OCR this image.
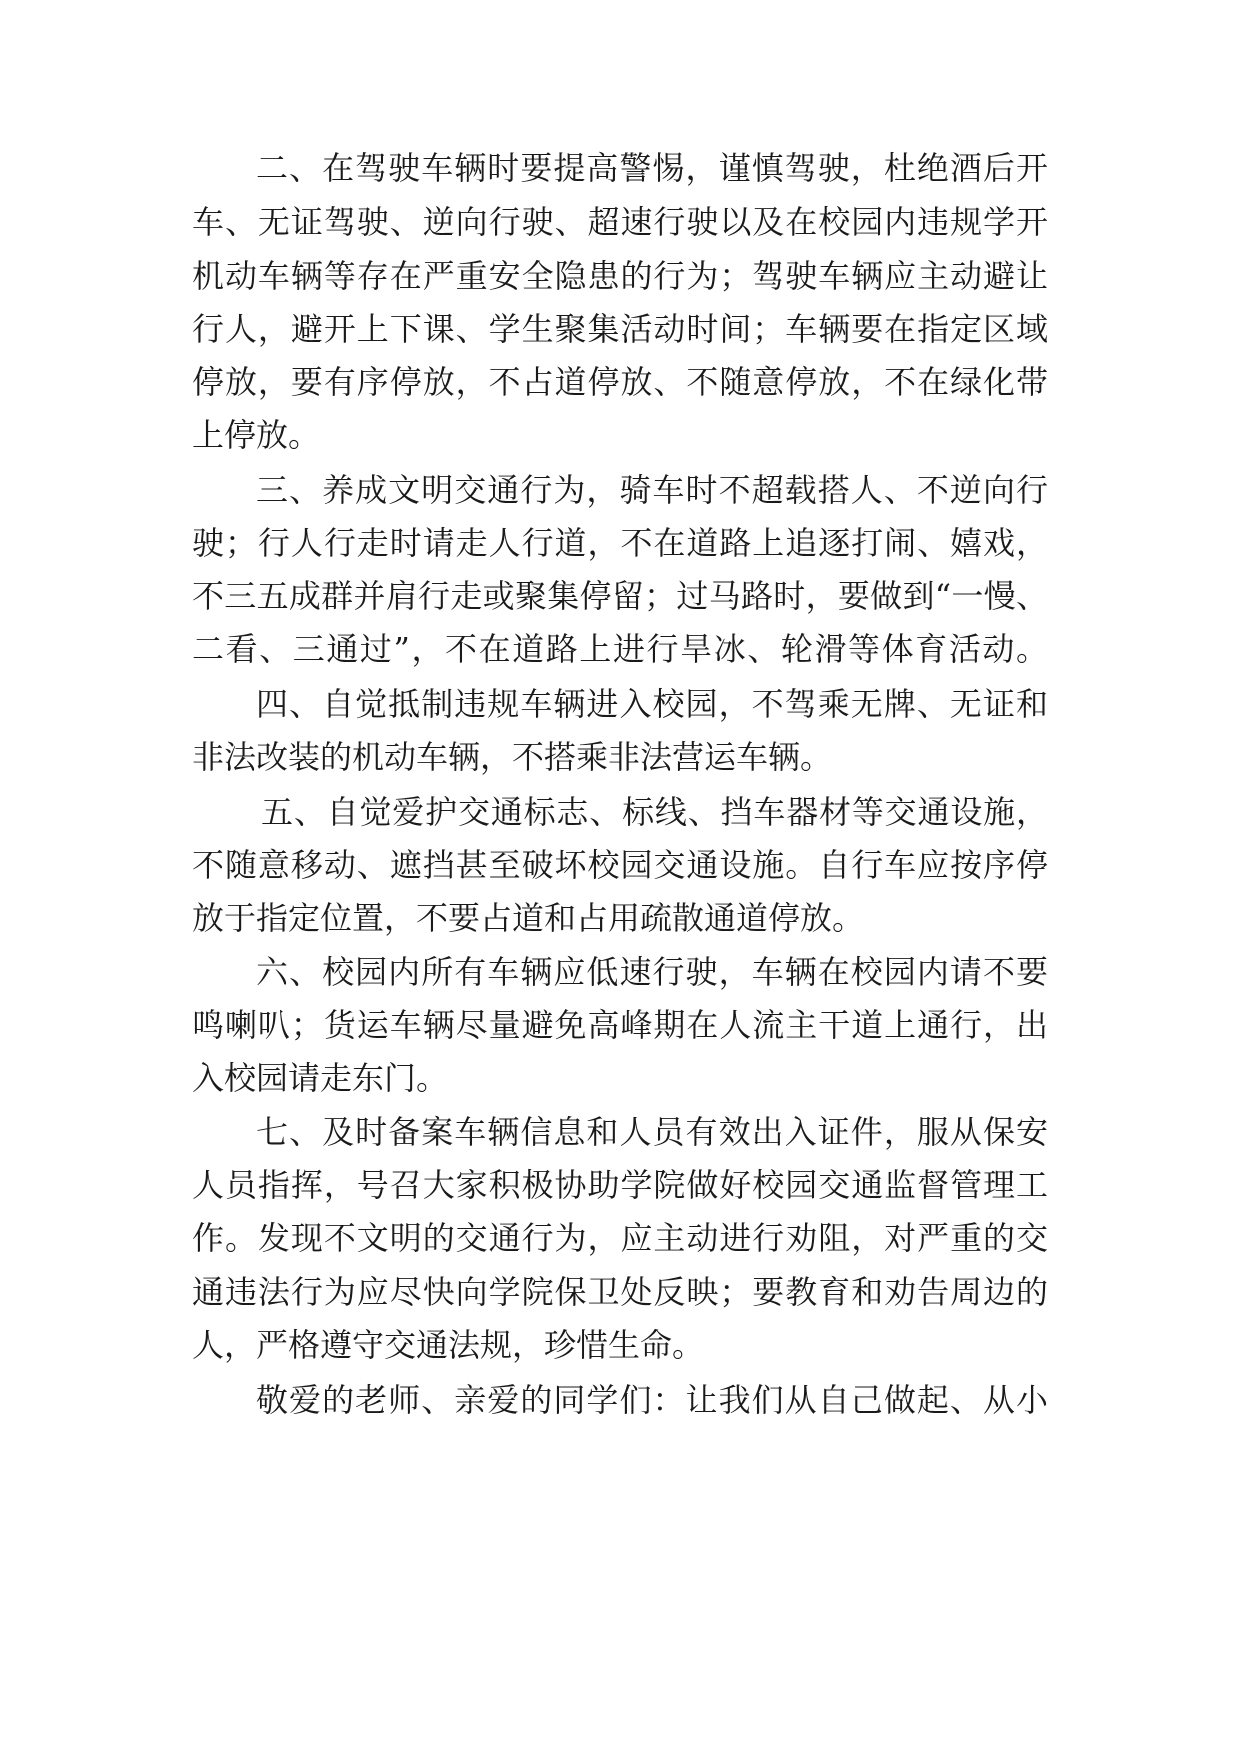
二、在驾驶车辆时要提高警惕，谨慎驾驶，杜绝酒后开
车、无证驾驶、逆向行驶、超速行驶以及在校园内违规学开
机动车辆等存在严重安全隐患的行为；驾驶车辆应主动避让
行人，避开上下课、学生聚集活动时间；车辆要在指定区域
停放，要有序停放，不占道停放、不随意停放，不在绿化带
上停放。
三、养成文明交通行为，骑车时不超载搭人、不逆向行
驶；行人行走时请走人行道，不在道路上追逐打闹、嬉戏，
不三五成群并肩行走或聚集停留；过马路时，要做到“一慢、
二看、三通过”，不在道路上进行旱冰、轮滑等体育活动。
四、自觉抵制违规车辆进入校园，不驾乘无牌、无证和
非法改装的机动车辆，不搭乘非法营运车辆。
五、自觉爱护交通标志、标线、挡车器材等交通设施，
不随意移动、遮挡甚至破坏校园交通设施。自行车应按序停
放于指定位置，不要占道和占用疏散通道停放。
六、校园内所有车辆应低速行驶，车辆在校园内请不要
鸣喇叭；货运车辆尽量避免高峰期在人流主干道上通行，出
入校园请走东门。
七、及时备案车辆信息和人员有效出入证件，服从保安
人员指挥，号召大家积极协助学院做好校园交通监督管理工
作。发现不文明的交通行为，应主动进行劝阻，对严重的交
通违法行为应尽快向学院保卫处反映；要教育和劝告周边的
人，严格遵守交通法规，珍惜生命。
敬爱的老师、亲爱的同学们：让我们从自己做起、从小
